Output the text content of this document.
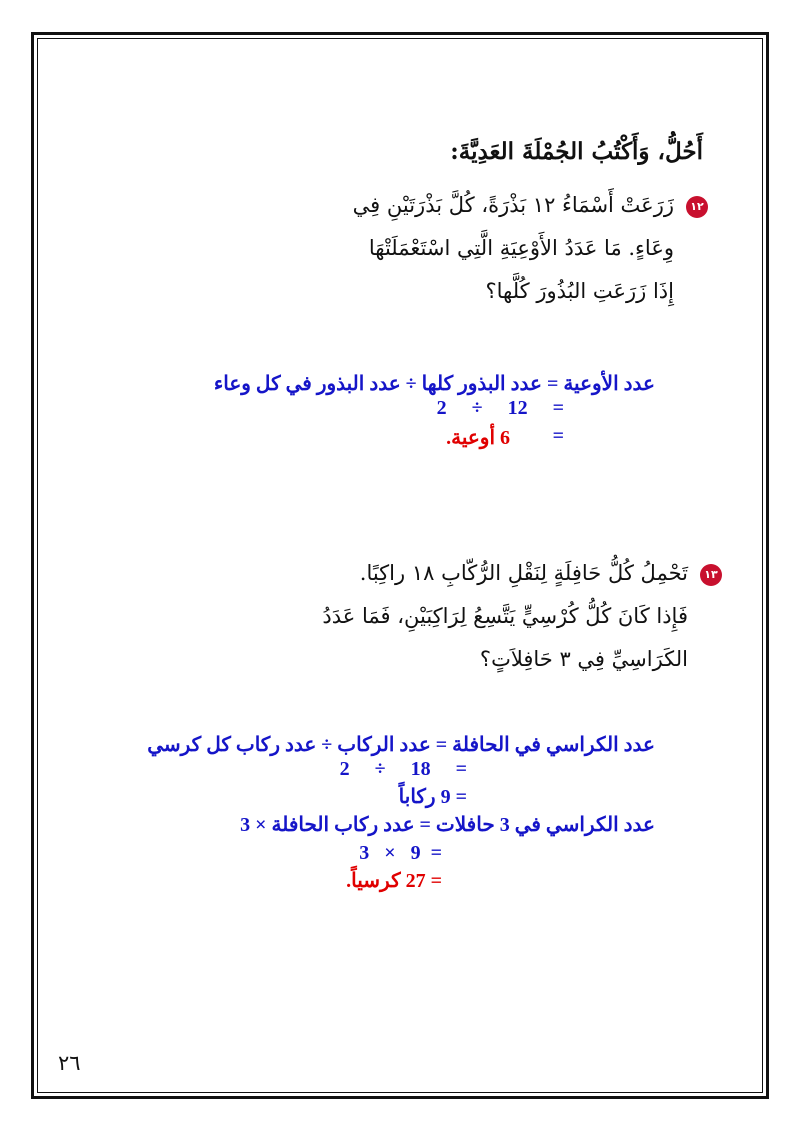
أَحُلُّ، وَأَكْتُبُ الجُمْلَةَ العَدِيَّةَ:
١٢
زَرَعَتْ أَسْمَاءُ ١٢ بَذْرَةً، كُلَّ بَذْرَتَيْنِ فِي
وِعَاءٍ. مَا عَدَدُ الأَوْعِيَةِ الَّتِي اسْتَعْمَلَتْهَا
إِذَا زَرَعَتِ البُذُورَ كُلَّها؟
عدد الأوعية = عدد البذور كلها ÷ عدد البذور في كل وعاء
=     12     ÷     2
=
6 أوعية.
١٣
تَحْمِلُ كُلُّ حَافِلَةٍ لِنَقْلِ الرُّكّابِ ١٨ راكِبًا.
فَإِذا كَانَ كُلُّ كُرْسِيٍّ يَتَّسِعُ لِرَاكِبَيْنِ، فَمَا عَدَدُ
الكَرَاسِيِّ فِي ٣ حَافِلاَتٍ؟
عدد الكراسي في الحافلة = عدد الركاب ÷ عدد ركاب كل كرسي
=     18     ÷     2
= 9 ركاباً
عدد الكراسي في 3 حافلات = عدد ركاب الحافلة × 3
=  9   ×   3
= 27 كرسياً.
٢٦
